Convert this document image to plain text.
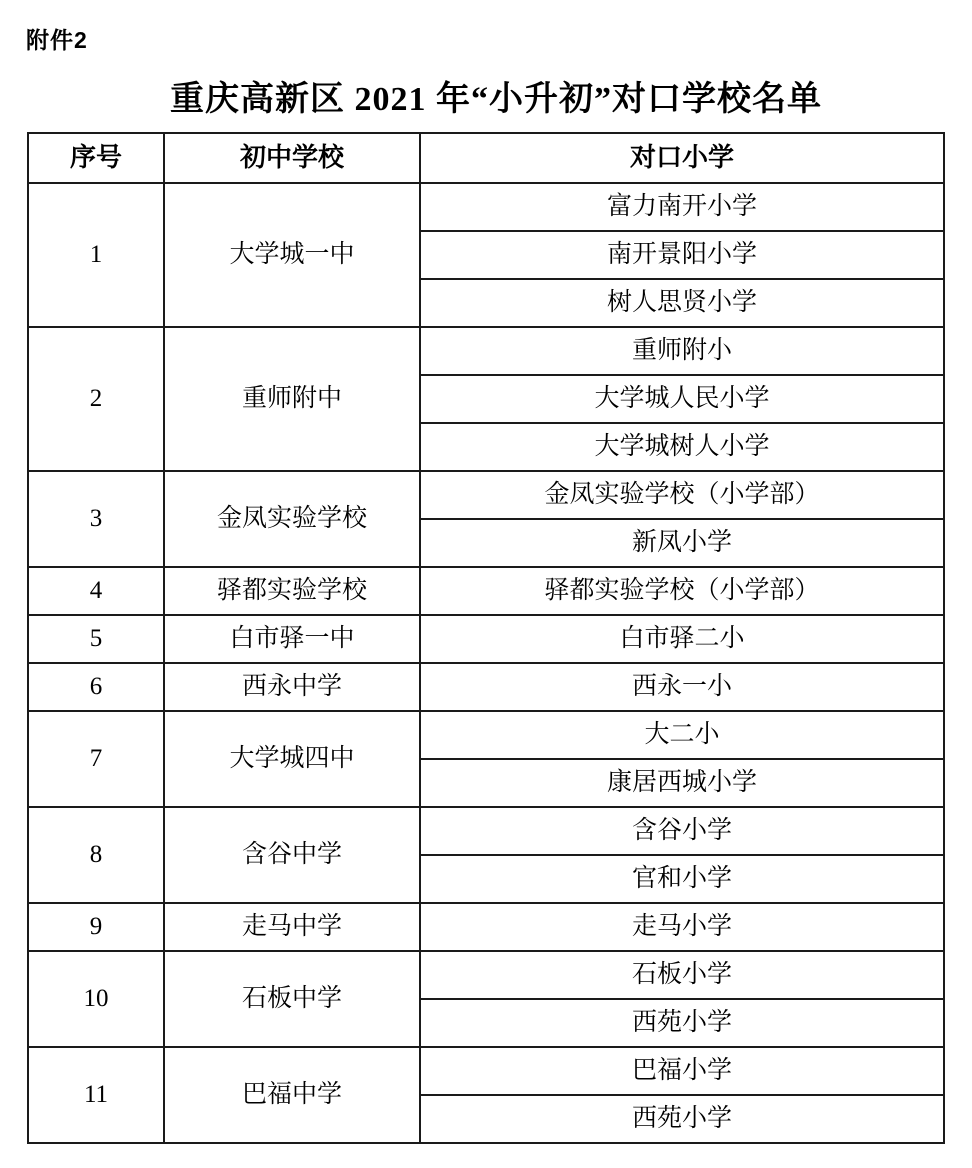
附件2
重庆高新区 2021 年“小升初”对口学校名单
序号	初中学校	对口小学
1	大学城一中	富力南开小学
		南开景阳小学
		树人思贤小学
2	重师附中	重师附小
		大学城人民小学
		大学城树人小学
3	金凤实验学校	金凤实验学校（小学部）
		新凤小学
4	驿都实验学校	驿都实验学校（小学部）
5	白市驿一中	白市驿二小
6	西永中学	西永一小
7	大学城四中	大二小
		康居西城小学
8	含谷中学	含谷小学
		官和小学
9	走马中学	走马小学
10	石板中学	石板小学
		西苑小学
11	巴福中学	巴福小学
		西苑小学
